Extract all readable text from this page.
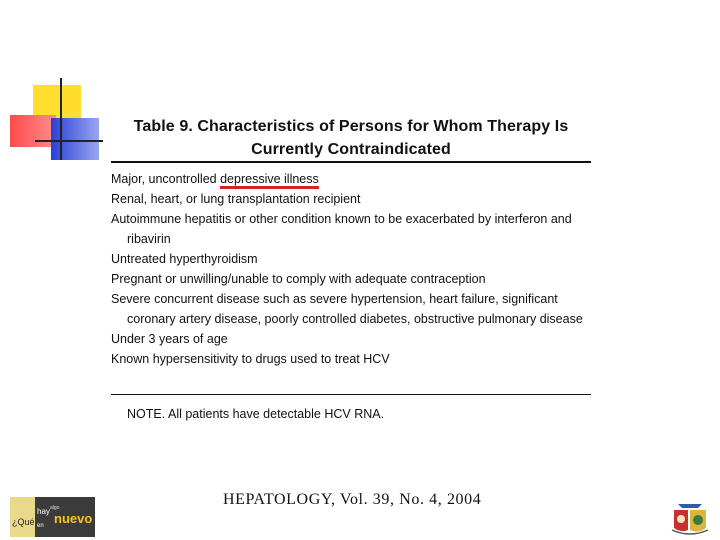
Table 9. Characteristics of Persons for Whom Therapy Is
Currently Contraindicated
Major, uncontrolled depressive illness
Renal, heart, or lung transplantation recipient
Autoimmune hepatitis or other condition known to be exacerbated by interferon and ribavirin
Untreated hyperthyroidism
Pregnant or unwilling/unable to comply with adequate contraception
Severe concurrent disease such as severe hypertension, heart failure, significant coronary artery disease, poorly controlled diabetes, obstructive pulmonary disease
Under 3 years of age
Known hypersensitivity to drugs used to treat HCV
NOTE. All patients have detectable HCV RNA.
HEPATOLOGY, Vol. 39, No. 4, 2004
¿Qué
hay algo
en nuevo
